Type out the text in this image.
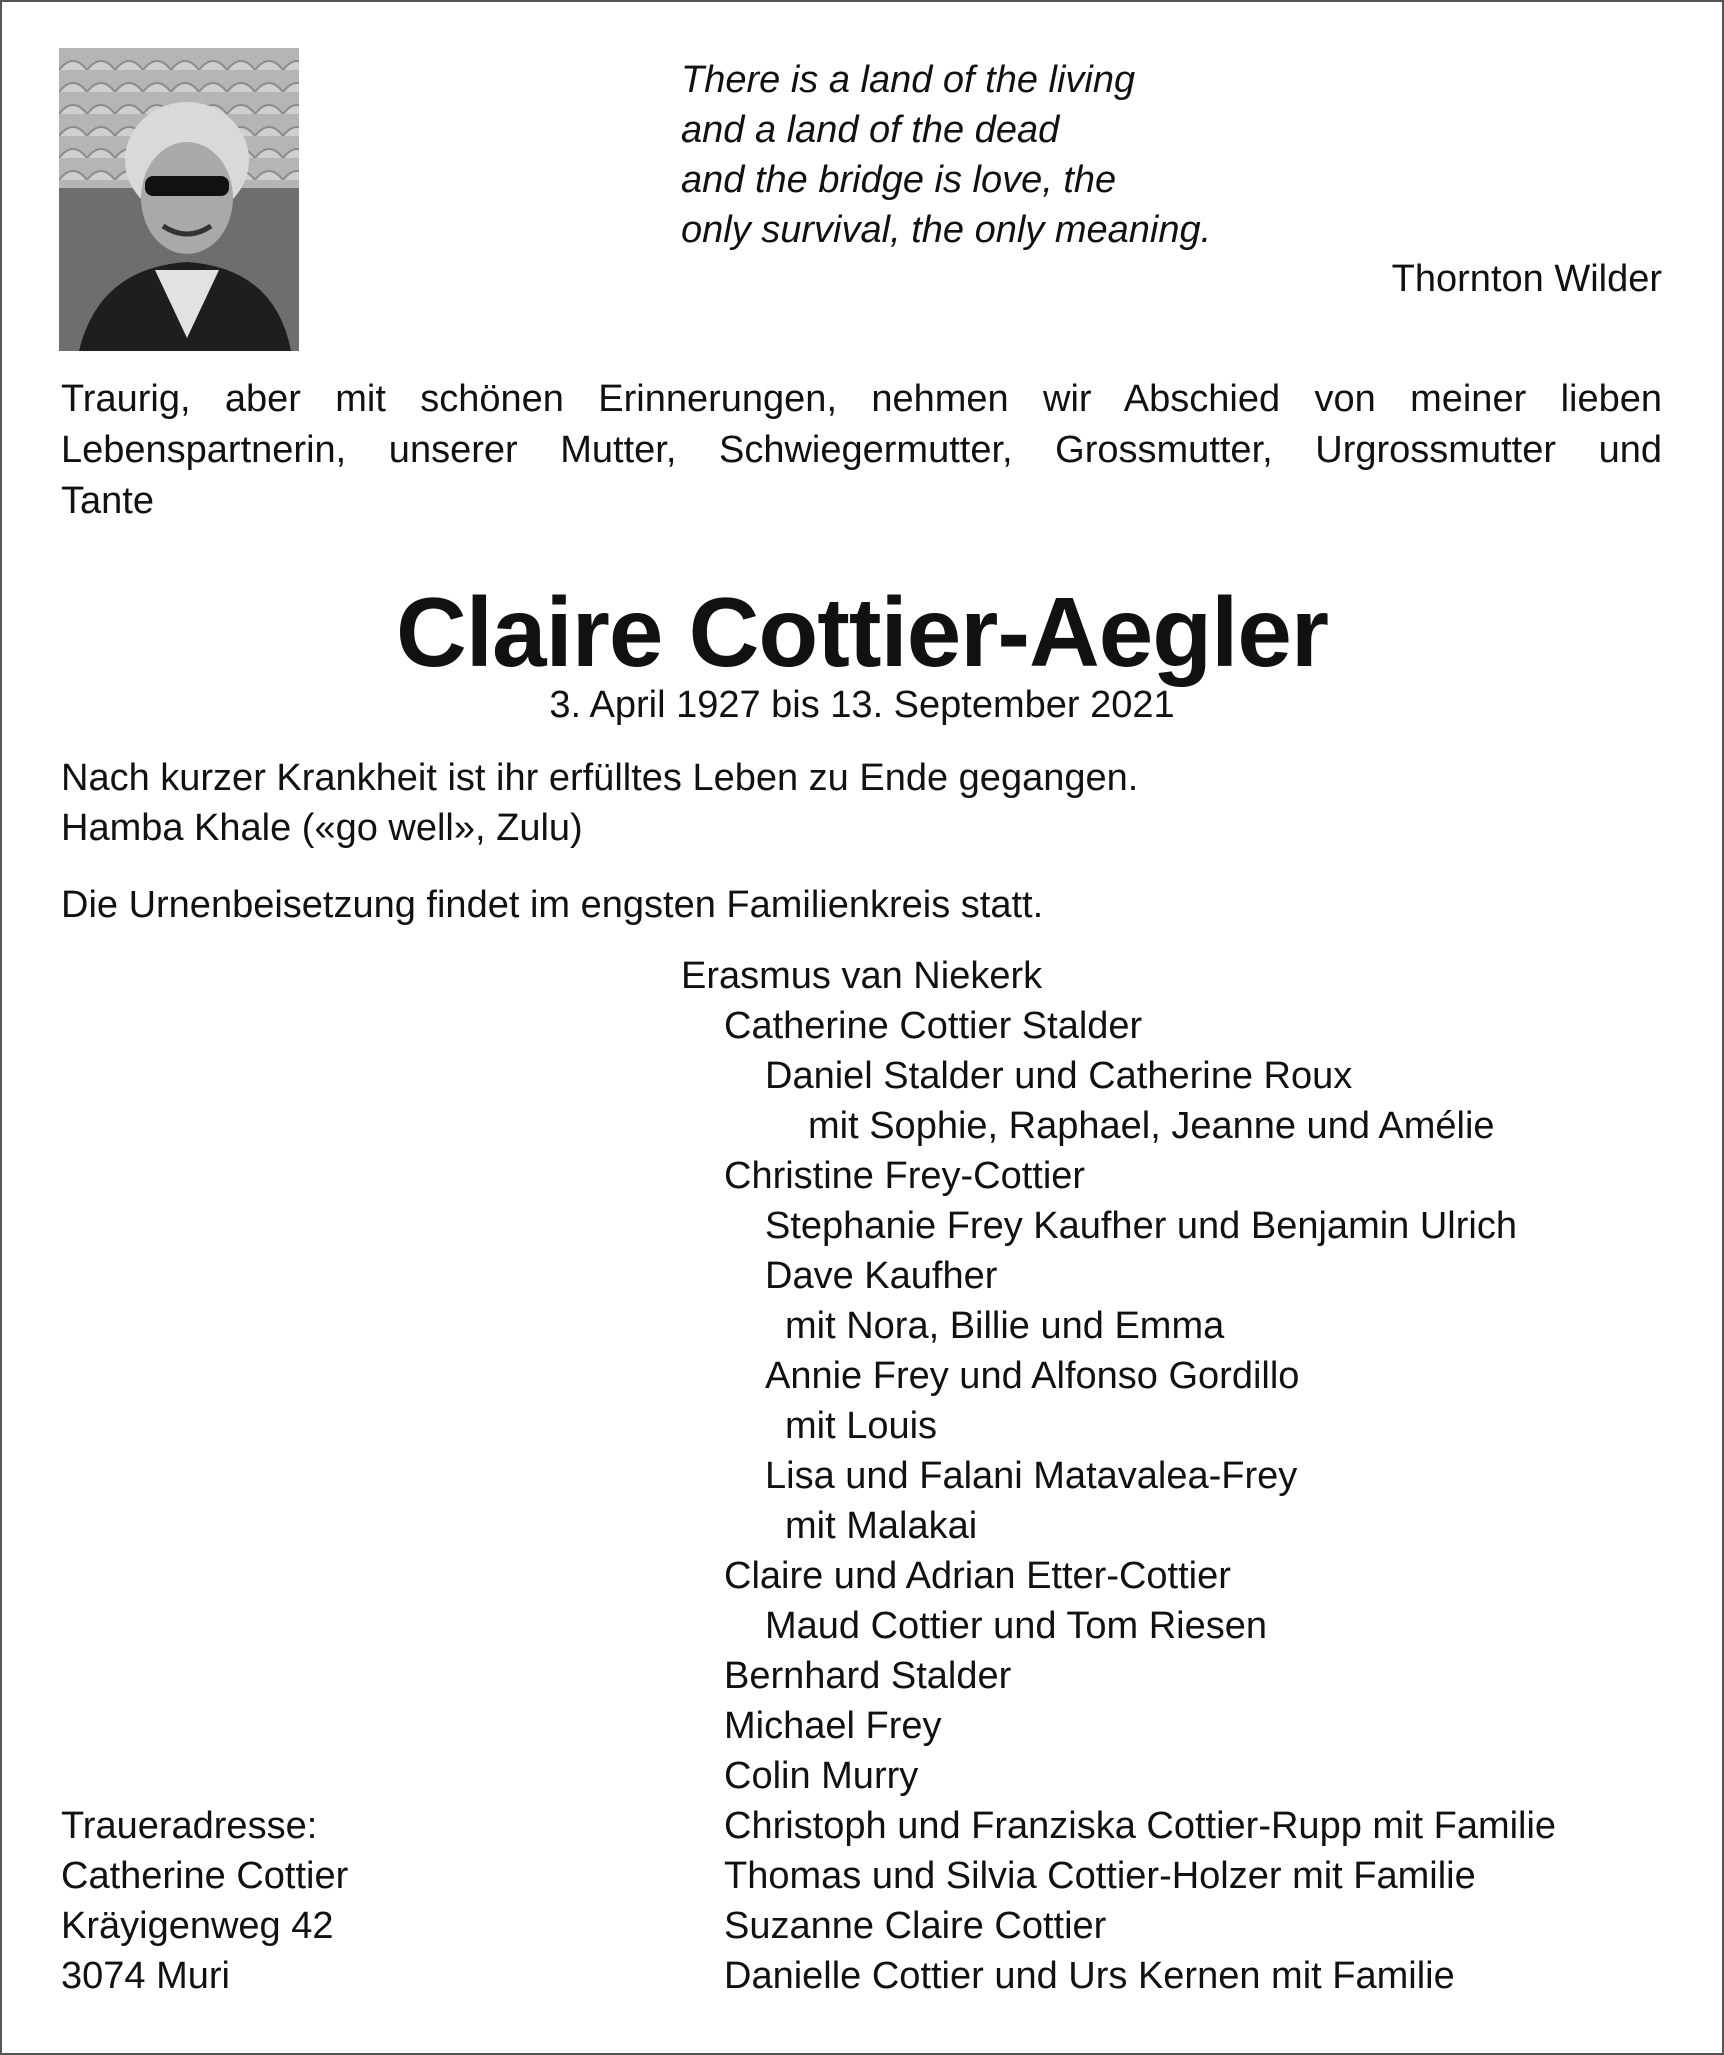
There is a land of the living
and a land of the dead
and the bridge is love, the
only survival, the only meaning.
Thornton Wilder
Traurig, aber mit schönen Erinnerungen, nehmen wir Abschied von meiner lieben
Lebenspartnerin, unserer Mutter, Schwiegermutter, Grossmutter, Urgrossmutter und
Tante
Claire Cottier-Aegler
3. April 1927 bis 13. September 2021
Nach kurzer Krankheit ist ihr erfülltes Leben zu Ende gegangen.
Hamba Khale («go well», Zulu)
Die Urnenbeisetzung findet im engsten Familienkreis statt.
Erasmus van Niekerk
Catherine Cottier Stalder
Daniel Stalder und Catherine Roux
mit Sophie, Raphael, Jeanne und Amélie
Christine Frey-Cottier
Stephanie Frey Kaufher und Benjamin Ulrich
Dave Kaufher
mit Nora, Billie und Emma
Annie Frey und Alfonso Gordillo
mit Louis
Lisa und Falani Matavalea-Frey
mit Malakai
Claire und Adrian Etter-Cottier
Maud Cottier und Tom Riesen
Bernhard Stalder
Michael Frey
Colin Murry
Christoph und Franziska Cottier-Rupp mit Familie
Thomas und Silvia Cottier-Holzer mit Familie
Suzanne Claire Cottier
Danielle Cottier und Urs Kernen mit Familie
Traueradresse:
Catherine Cottier
Kräyigenweg 42
3074 Muri
